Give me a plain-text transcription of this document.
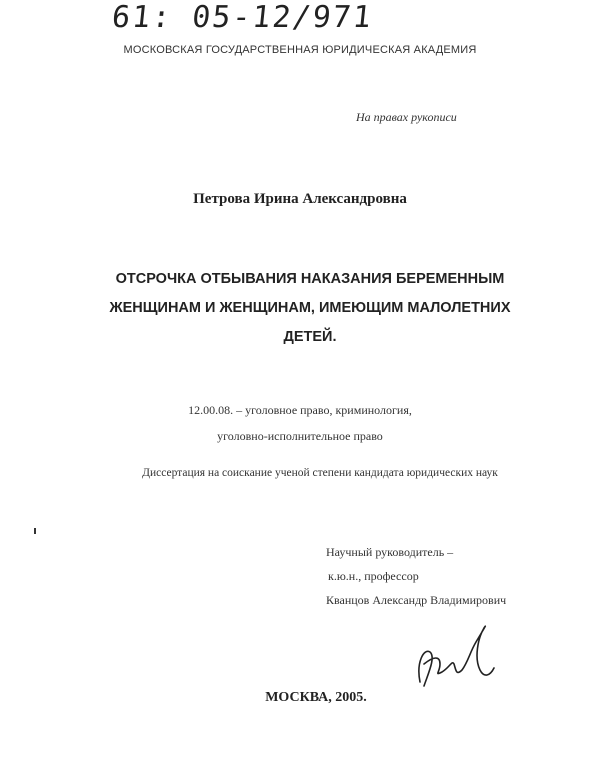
61: 05-12/971
МОСКОВСКАЯ ГОСУДАРСТВЕННАЯ ЮРИДИЧЕСКАЯ АКАДЕМИЯ
На правах рукописи
Петрова Ирина Александровна
ОТСРОЧКА ОТБЫВАНИЯ НАКАЗАНИЯ БЕРЕМЕННЫМ
ЖЕНЩИНАМ И ЖЕНЩИНАМ, ИМЕЮЩИМ МАЛОЛЕТНИХ
ДЕТЕЙ.
12.00.08. – уголовное право, криминология,
уголовно-исполнительное право
Диссертация на соискание ученой степени кандидата юридических наук
Научный руководитель –
к.ю.н., профессор
Кванцов Александр Владимирович
МОСКВА, 2005.
